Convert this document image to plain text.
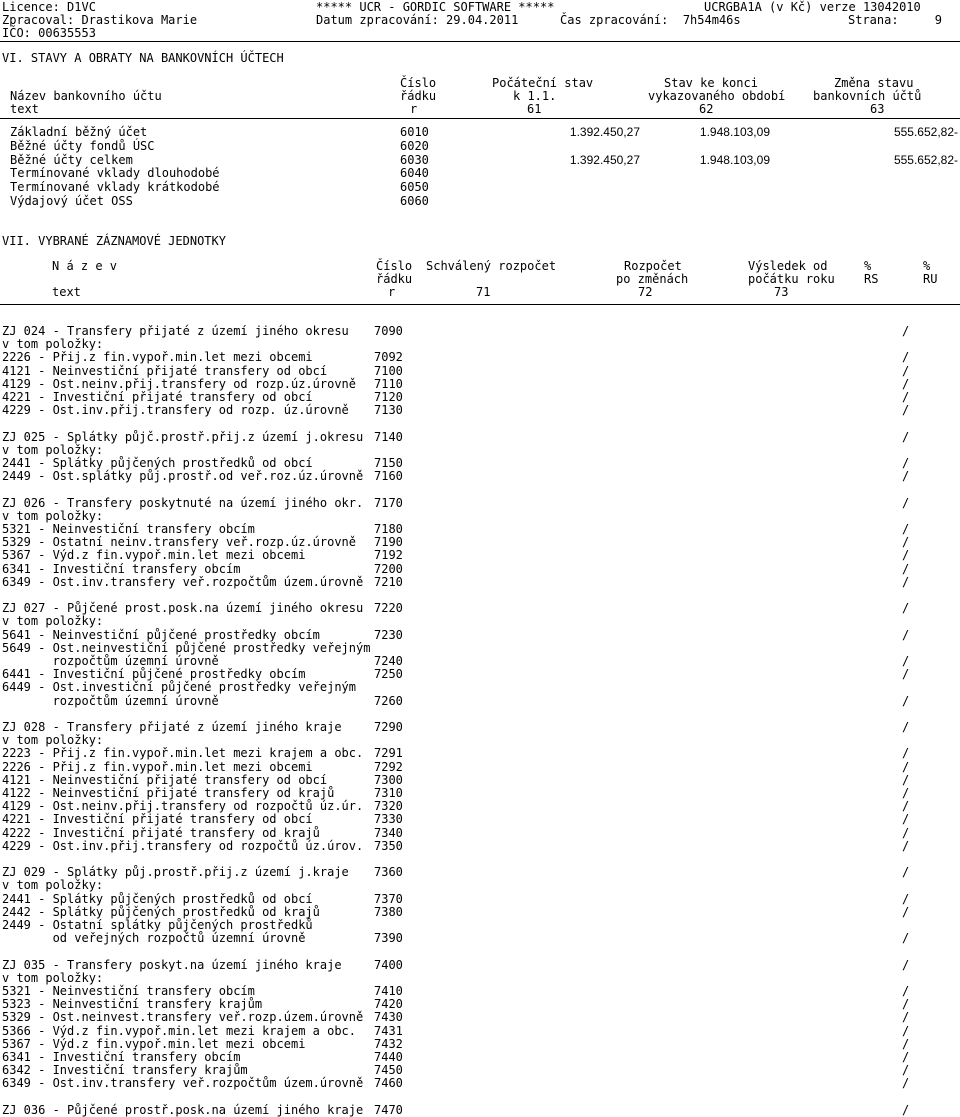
Licence: D1VC	***** UCR - GORDIC SOFTWARE *****	UCRGBA1A (v Kč) verze 13042010
Zpracoval: Drastikova Marie	Datum zpracování: 29.04.2011	Čas zpracování:  7h54m46s	Strana:     9
IČO: 00635553
VI. STAVY A OBRATY NA BANKOVNÍCH ÚČTECH
Číslo	Počáteční stav	Stav ke konci	Změna stavu
Název bankovního účtu	řádku	k 1.1.	vykazovaného období bankovních účtů
text	r	61	62	63
Základní běžný účet	6010	1.392.450,27	1.948.103,09	555.652,82-
Běžné účty fondů ÚSC	6020
Běžné účty celkem	6030	1.392.450,27	1.948.103,09	555.652,82-
Termínované vklady dlouhodobé	6040
Termínované vklady krátkodobé	6050
Výdajový účet OSS	6060
VII. VYBRANÉ ZÁZNAMOVÉ JEDNOTKY
N á z e v	Číslo Schválený rozpočet	Rozpočet	Výsledek od	%	%
řádku	po změnách	počátku roku RS	RU
text	r	71	72	73
ZJ 024 - Transfery přijaté z území jiného okresu 7090	/
v tom položky:
2226 - Přij.z fin.vypoř.min.let mezi obcemi	7092	/
4121 - Neinvestiční přijaté transfery od obcí	7100	/
4129 - Ost.neinv.přij.transfery od rozp.úz.úrovně 7110	/
4221 - Investiční přijaté transfery od obcí	7120	/
4229 - Ost.inv.přij.transfery od rozp. úz.úrovně 7130	/
ZJ 025 - Splátky půjč.prostř.přij.z území j.okresu 7140	/
v tom položky:
2441 - Splátky půjčených prostředků od obcí	7150	/
2449 - Ost.splátky půj.prostř.od veř.roz.úz.úrovně 7160	/
ZJ 026 - Transfery poskytnuté na území jiného okr. 7170	/
v tom položky:
5321 - Neinvestiční transfery obcím	7180	/
5329 - Ostatní neinv.transfery veř.rozp.úz.úrovně 7190	/
5367 - Výd.z fin.vypoř.min.let mezi obcemi	7192	/
6341 - Investiční transfery obcím	7200	/
6349 - Ost.inv.transfery veř.rozpočtům územ.úrovně 7210	/
ZJ 027 - Půjčené prost.posk.na území jiného okresu 7220	/
v tom položky:
5641 - Neinvestiční půjčené prostředky obcím	7230	/
5649 - Ost.neinvestiční půjčené prostředky veřejným
rozpočtům územní úrovně	7240	/
6441 - Investiční půjčené prostředky obcím	7250	/
6449 - Ost.investiční půjčené prostředky veřejným
rozpočtům územní úrovně	7260	/
ZJ 028 - Transfery přijaté z území jiného kraje	7290	/
v tom položky:
2223 - Přij.z fin.vypoř.min.let mezi krajem a obc. 7291	/
2226 - Přij.z fin.vypoř.min.let mezi obcemi	7292	/
4121 - Neinvestiční přijaté transfery od obcí	7300	/
4122 - Neinvestiční přijaté transfery od krajů	7310	/
4129 - Ost.neinv.přij.transfery od rozpočtů úz.úr. 7320	/
4221 - Investiční přijaté transfery od obcí	7330	/
4222 - Investiční přijaté transfery od krajů	7340	/
4229 - Ost.inv.přij.transfery od rozpočtů úz.úrov. 7350	/
ZJ 029 - Splátky půj.prostř.přij.z území j.kraje 7360	/
v tom položky:
2441 - Splátky půjčených prostředků od obcí	7370	/
2442 - Splátky půjčených prostředků od krajů	7380	/
2449 - Ostatní splátky půjčených prostředků
od veřejných rozpočtů územní úrovně	7390	/
ZJ 035 - Transfery poskyt.na území jiného kraje	7400	/
v tom položky:
5321 - Neinvestiční transfery obcím	7410	/
5323 - Neinvestiční transfery krajům	7420	/
5329 - Ost.neinvest.transfery veř.rozp.územ.úrovně 7430	/
5366 - Výd.z fin.vypoř.min.let mezi krajem a obc. 7431	/
5367 - Výd.z fin.vypoř.min.let mezi obcemi	7432	/
6341 - Investiční transfery obcím	7440	/
6342 - Investiční transfery krajům	7450	/
6349 - Ost.inv.transfery veř.rozpočtům územ.úrovně 7460	/
ZJ 036 - Půjčené prostř.posk.na území jiného kraje 7470	/
